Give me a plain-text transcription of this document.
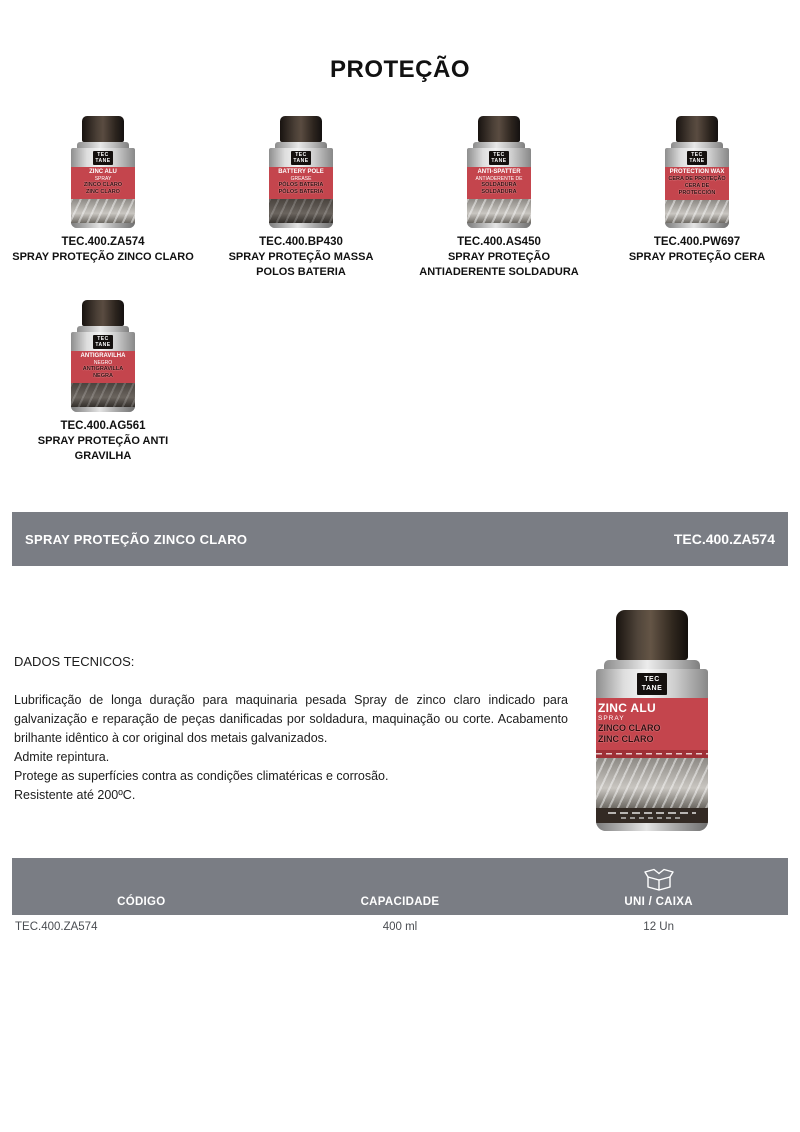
PROTEÇÃO
TEC
TANE
ZINC ALU
SPRAY
ZINCO CLARO
ZINC CLARO
TEC.400.ZA574
SPRAY PROTEÇÃO ZINCO CLARO
TEC
TANE
BATTERY POLE
GREASE
PÓLOS BATERIA
PÓLOS BATERIA
TEC.400.BP430
SPRAY PROTEÇÃO MASSA POLOS BATERIA
TEC
TANE
ANTI-SPATTER
ANTIADERENTE DE
SOLDADURA
SOLDADURA
TEC.400.AS450
SPRAY PROTEÇÃO ANTIADERENTE SOLDADURA
TEC
TANE
PROTECTION WAX
CERA DE PROTEÇÃO
CERA DE PROTECCIÓN
TEC.400.PW697
SPRAY PROTEÇÃO CERA
TEC
TANE
ANTIGRAVILHA
NEGRO
ANTIGRAVILLA
NEGRA
TEC.400.AG561
SPRAY PROTEÇÃO ANTI GRAVILHA
SPRAY PROTEÇÃO ZINCO CLARO	TEC.400.ZA574
DADOS TECNICOS:

Lubrificação de longa duração para maquinaria pesada Spray de zinco claro indicado para galvanização e reparação de peças danificadas por soldadura, maquinação ou corte. Acabamento brilhante idêntico à cor original dos metais galvanizados.

Admite repintura.
Protege as superfícies contra as condições climatéricas e corrosão.
Resistente até 200ºC.
TEC
TANE
ZINC ALU
SPRAY
ZINCO CLARO
ZINC CLARO
CÓDIGO	CAPACIDADE	UNI / CAIXA
TEC.400.ZA574	400 ml	12 Un
